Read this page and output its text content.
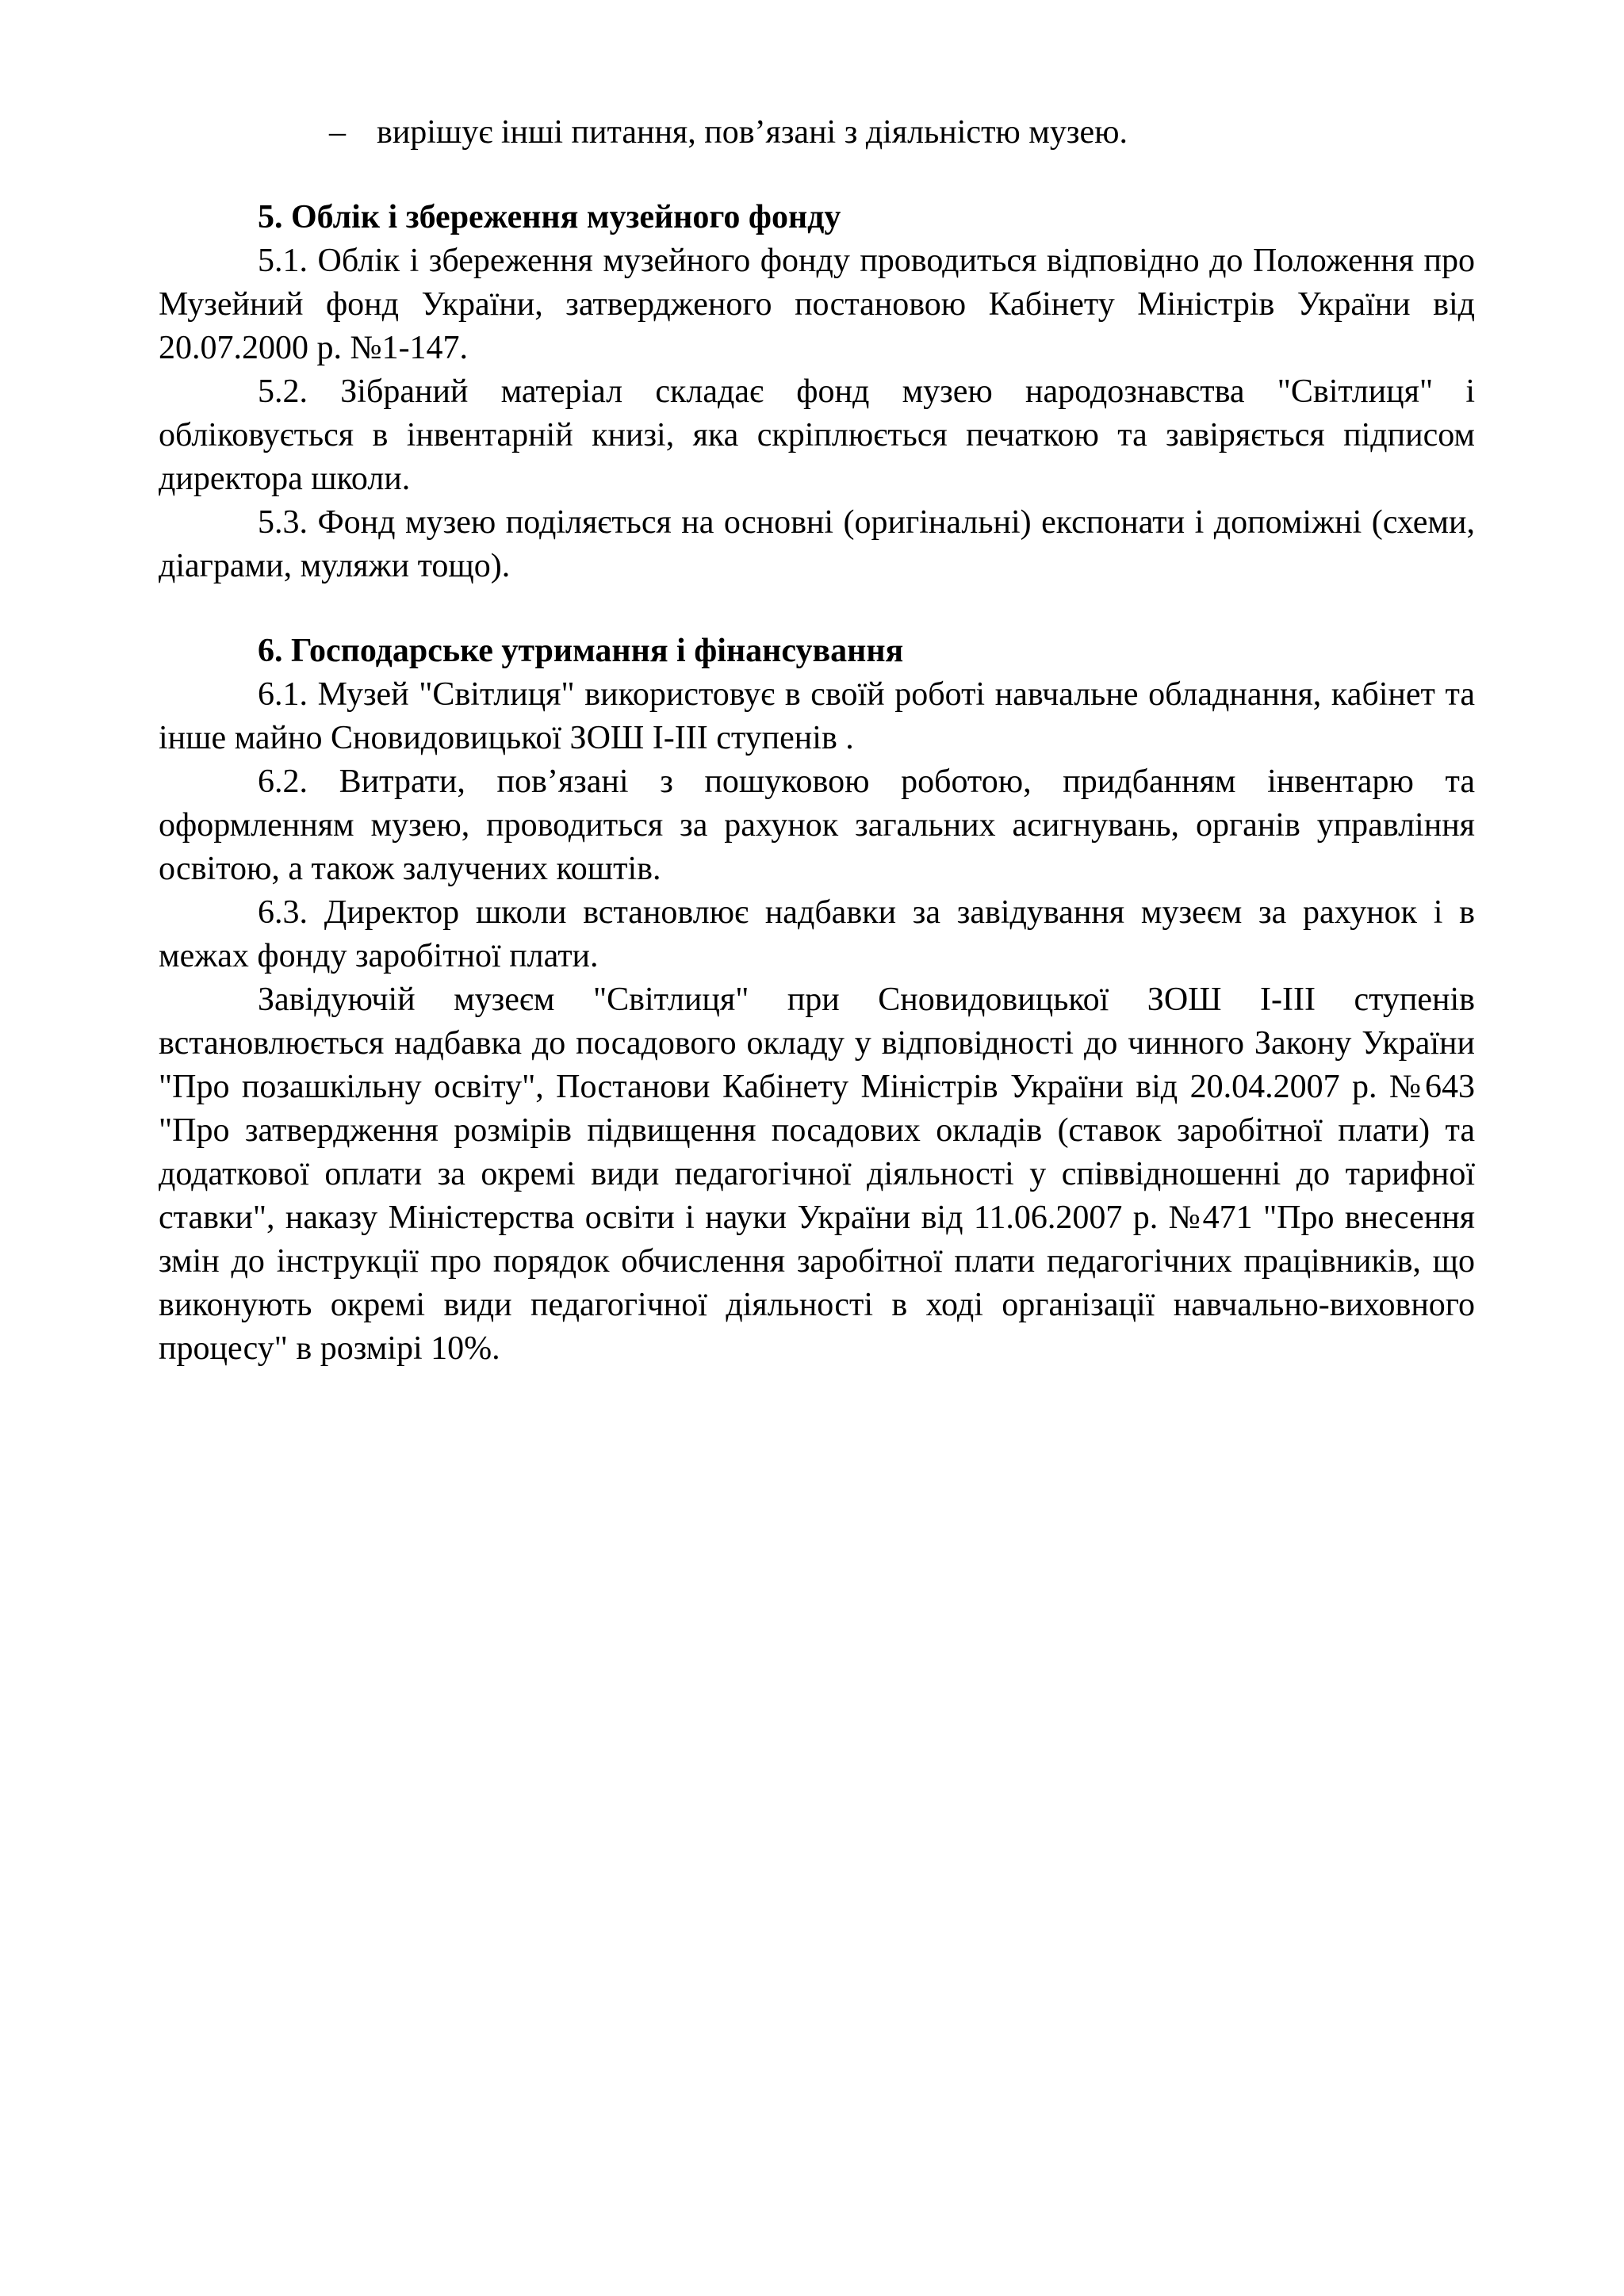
– вирішує інші питання, пов’язані з діяльністю музею.

5. Облік і збереження музейного фонду

5.1. Облік і збереження музейного фонду проводиться відповідно до Положення про Музейний фонд України, затвердженого постановою Кабінету Міністрів України від 20.07.2000 р. №1-147.

5.2. Зібраний матеріал складає фонд музею народознавства "Світлиця" і обліковується в інвентарній книзі, яка скріплюється печаткою та завіряється підписом директора школи.

5.3. Фонд музею поділяється на основні (оригінальні) експонати і допоміжні (схеми, діаграми, муляжи тощо).

6. Господарське утримання і фінансування

6.1. Музей "Світлиця" використовує в своїй роботі навчальне обладнання, кабінет та інше майно Сновидовицької ЗОШ І-ІІІ ступенів .

6.2. Витрати, пов’язані з пошуковою роботою, придбанням інвентарю та оформленням музею, проводиться за рахунок загальних асигнувань, органів управління освітою, а також залучених коштів.

6.3. Директор школи встановлює надбавки за завідування музеєм за рахунок і в межах фонду заробітної плати.

Завідуючій музеєм "Світлиця" при Сновидовицької ЗОШ І-ІІІ ступенів встановлюється надбавка до посадового окладу у відповідності до чинного Закону України "Про позашкільну освіту", Постанови Кабінету Міністрів України від 20.04.2007 р. №643 "Про затвердження розмірів підвищення посадових окладів (ставок заробітної плати) та додаткової оплати за окремі види педагогічної діяльності у співвідношенні до тарифної ставки", наказу Міністерства освіти і науки України від 11.06.2007 р. №471 "Про внесення змін до інструкції про порядок обчислення заробітної плати педагогічних працівників, що виконують окремі види педагогічної діяльності в ході організації навчально-виховного процесу" в розмірі 10%.
